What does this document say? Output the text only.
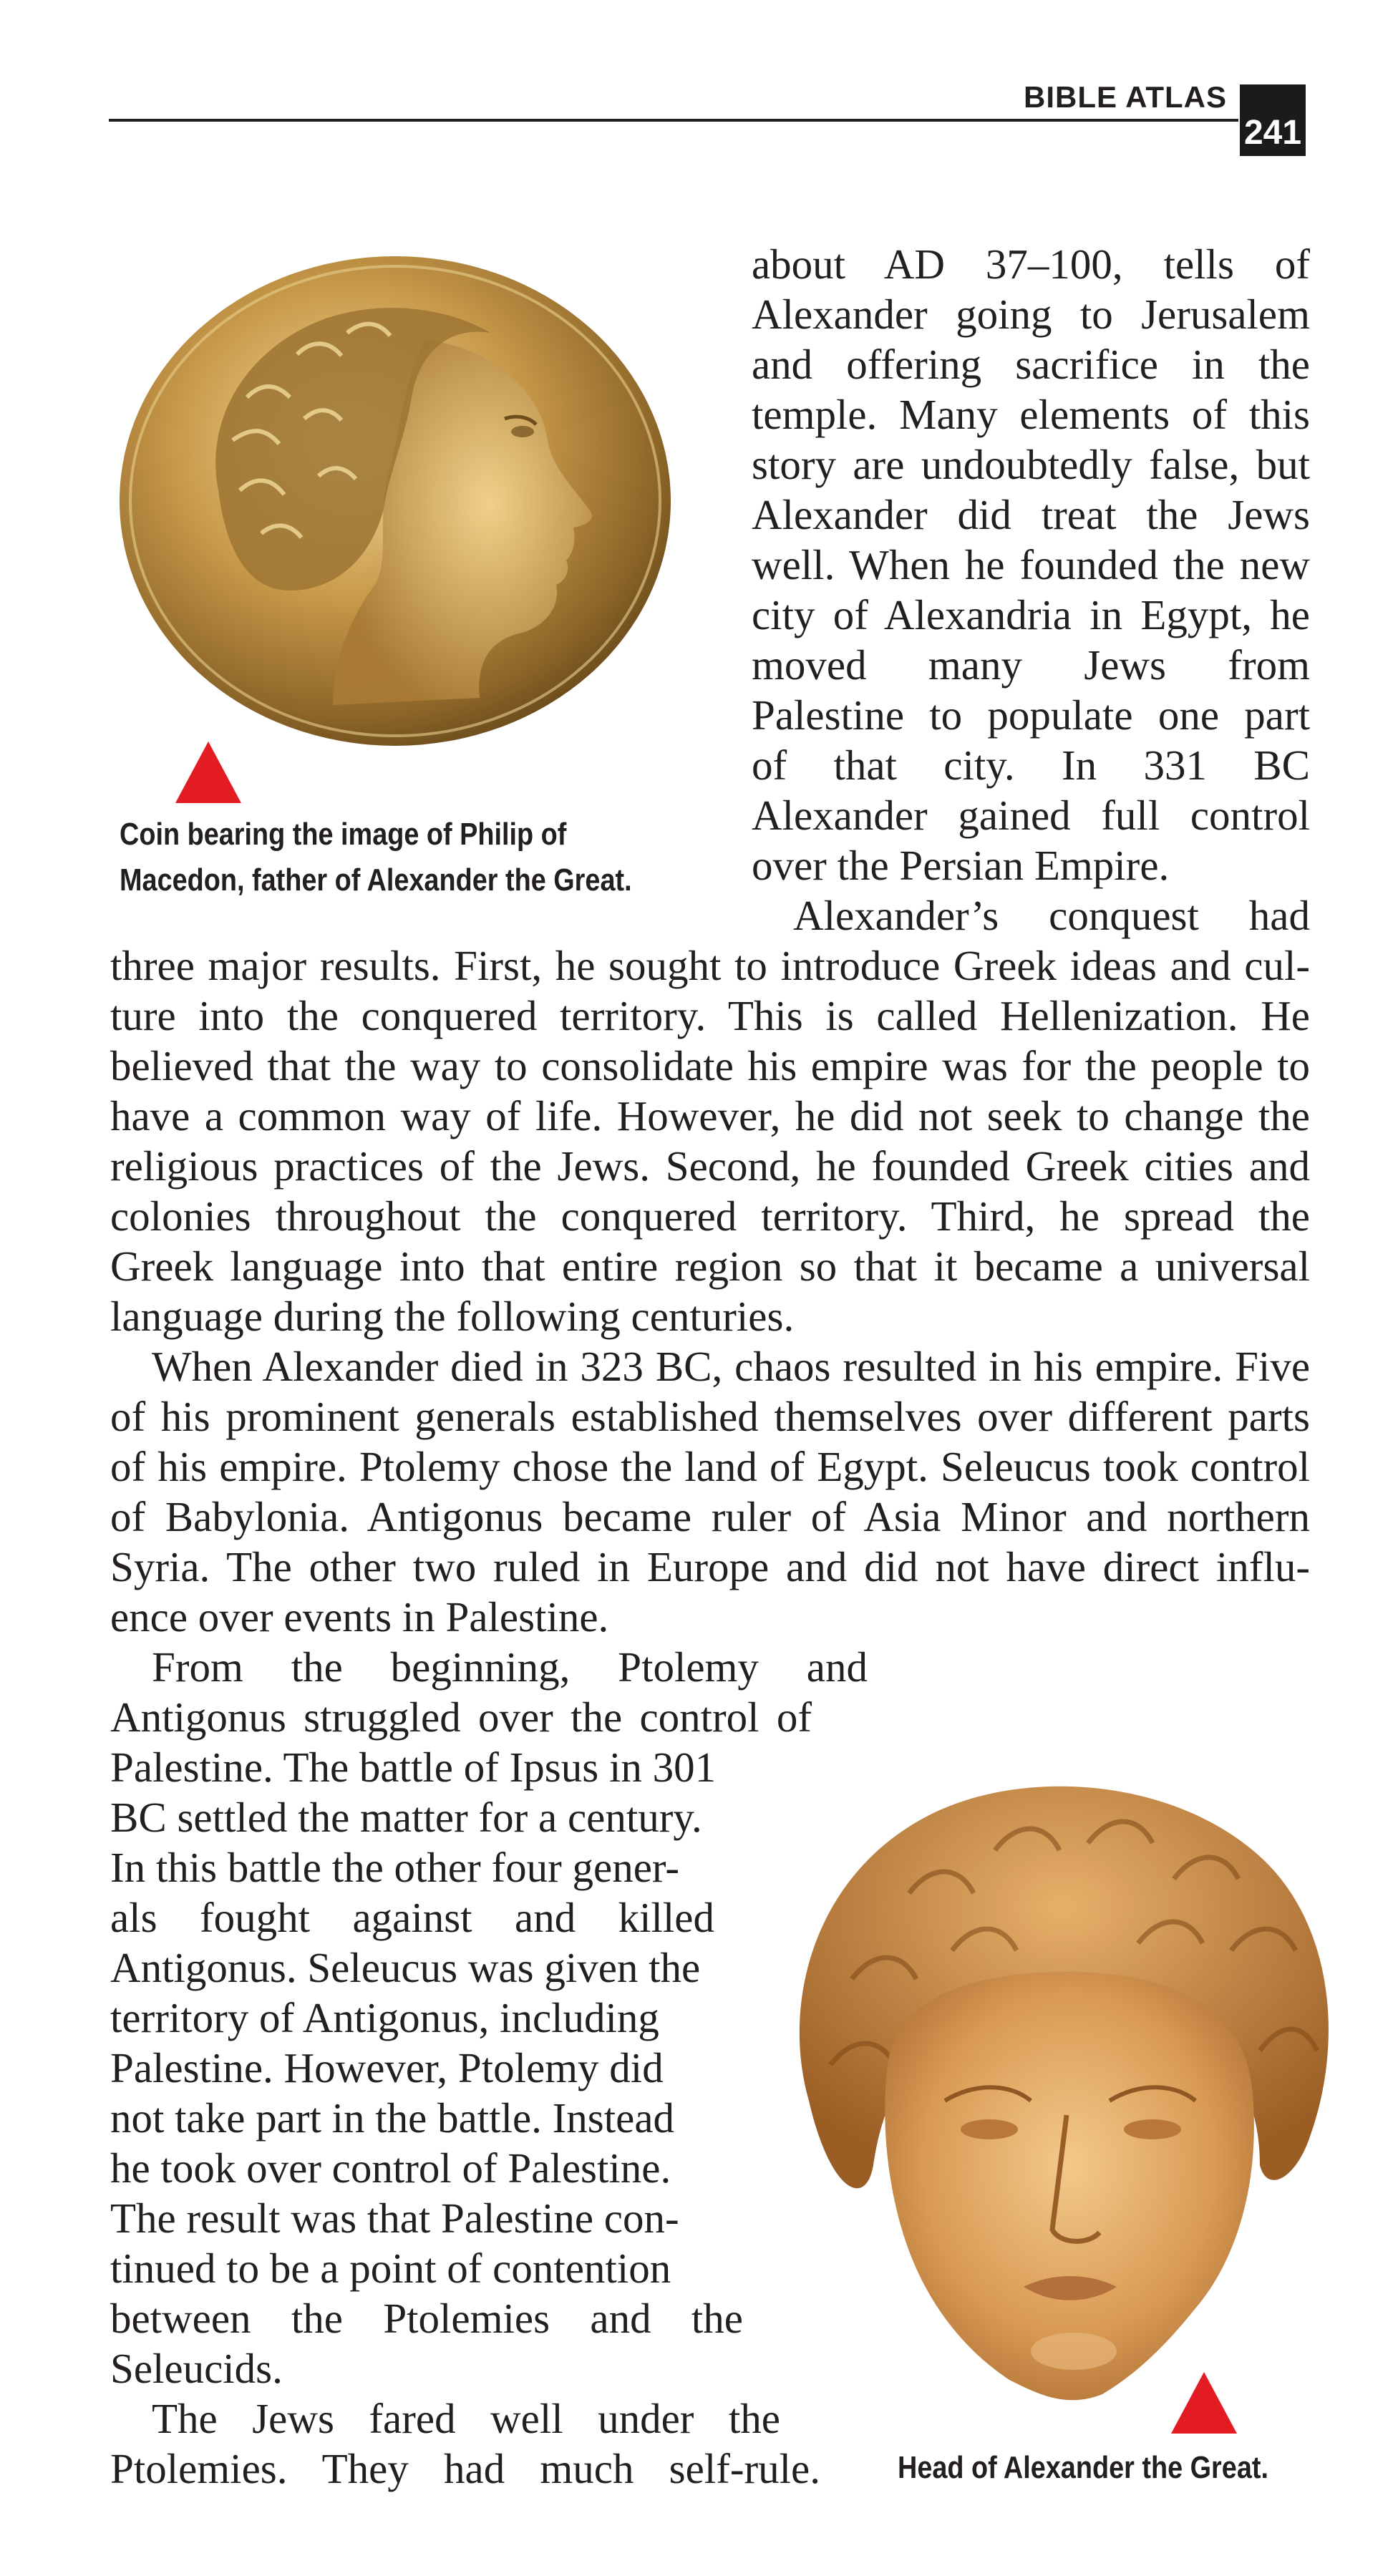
BIBLE ATLAS
241
Coin bearing the image of Philip of
Macedon, father of Alexander the Great.
about AD 37–100, tells of
Alexander going to Jerusalem
and offering sacrifice in the
temple. Many elements of this
story are undoubtedly false, but
Alexander did treat the Jews
well. When he founded the new
city of Alexandria in Egypt, he
moved many Jews from
Palestine to populate one part
of that city. In 331 BC
Alexander gained full control
over the Persian Empire.
Alexander’s conquest had
three major results. First, he sought to introduce Greek ideas and cul-
ture into the conquered territory. This is called Hellenization. He
believed that the way to consolidate his empire was for the people to
have a common way of life. However, he did not seek to change the
religious practices of the Jews. Second, he founded Greek cities and
colonies throughout the conquered territory. Third, he spread the
Greek language into that entire region so that it became a universal
language during the following centuries.
When Alexander died in 323 BC, chaos resulted in his empire. Five
of his prominent generals established themselves over different parts
of his empire. Ptolemy chose the land of Egypt. Seleucus took control
of Babylonia. Antigonus became ruler of Asia Minor and northern
Syria. The other two ruled in Europe and did not have direct influ-
ence over events in Palestine.
Head of Alexander the Great.
From the beginning, Ptolemy and
Antigonus struggled over the control of
Palestine. The battle of Ipsus in 301
BC settled the matter for a century.
In this battle the other four gener-
als fought against and killed
Antigonus. Seleucus was given the
territory of Antigonus, including
Palestine. However, Ptolemy did
not take part in the battle. Instead
he took over control of Palestine.
The result was that Palestine con-
tinued to be a point of contention
between the Ptolemies and the
Seleucids.
The Jews fared well under the
Ptolemies. They had much self-rule.
